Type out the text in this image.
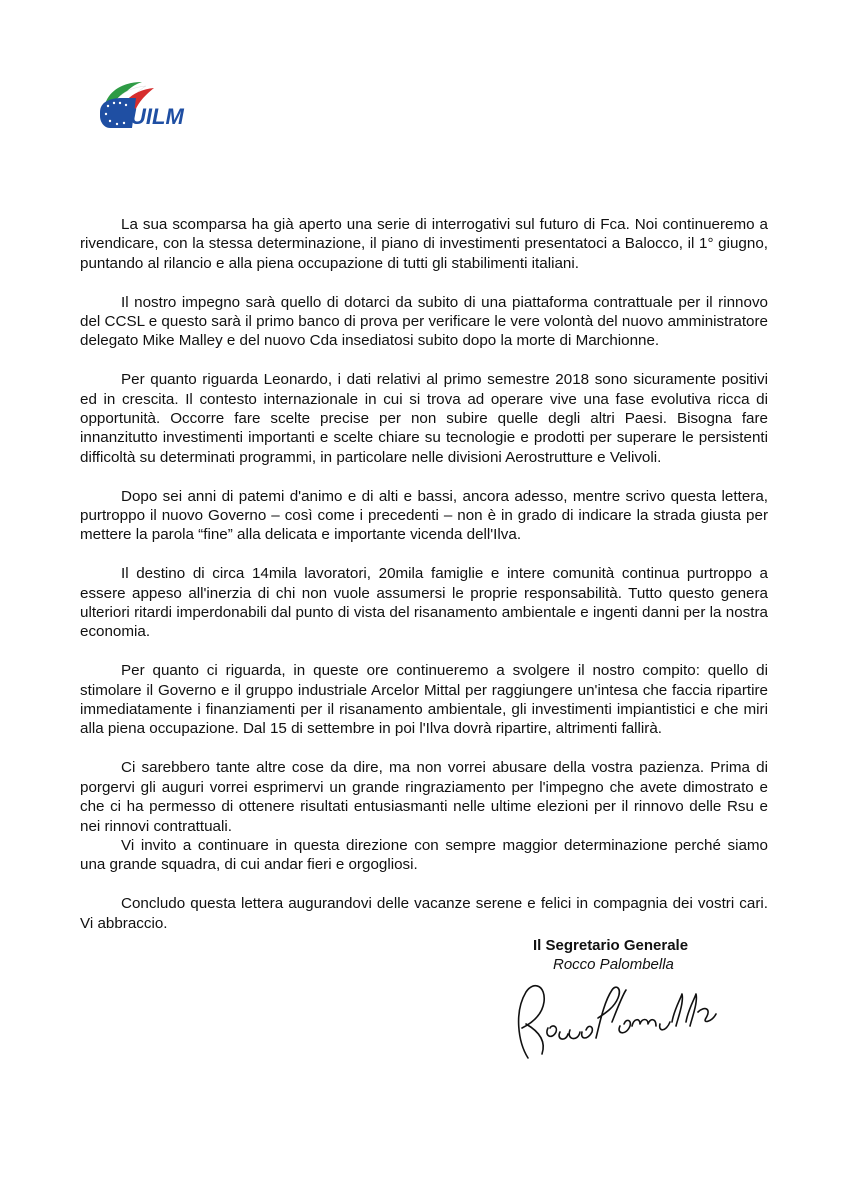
UILM

La sua scomparsa ha già aperto una serie di interrogativi sul futuro di Fca. Noi continueremo a rivendicare, con la stessa determinazione, il piano di investimenti presentatoci a Balocco, il 1° giugno, puntando al rilancio e alla piena occupazione di tutti gli stabilimenti italiani.

Il nostro impegno sarà quello di dotarci da subito di una piattaforma contrattuale per il rinnovo del CCSL e questo sarà il primo banco di prova per verificare le vere volontà del nuovo amministratore delegato Mike Malley e del nuovo Cda insediatosi subito dopo la morte di Marchionne.

Per quanto riguarda Leonardo, i dati relativi al primo semestre 2018 sono sicuramente positivi ed in crescita. Il contesto internazionale in cui si trova ad operare vive una fase evolutiva ricca di opportunità. Occorre fare scelte precise per non subire quelle degli altri Paesi. Bisogna fare innanzitutto investimenti importanti e scelte chiare su tecnologie e prodotti per superare le persistenti difficoltà su determinati programmi, in particolare nelle divisioni Aerostrutture e Velivoli.

Dopo sei anni di patemi d'animo e di alti e bassi, ancora adesso, mentre scrivo questa lettera, purtroppo il nuovo Governo – così come i precedenti – non è in grado di indicare la strada giusta per mettere la parola “fine” alla delicata e importante vicenda dell'Ilva.

Il destino di circa 14mila lavoratori, 20mila famiglie e intere comunità continua purtroppo a essere appeso all'inerzia di chi non vuole assumersi le proprie responsabilità. Tutto questo genera ulteriori ritardi imperdonabili dal punto di vista del risanamento ambientale e ingenti danni per la nostra economia.

Per quanto ci riguarda, in queste ore continueremo a svolgere il nostro compito: quello di stimolare il Governo e il gruppo industriale Arcelor Mittal per raggiungere un'intesa che faccia ripartire immediatamente i finanziamenti per il risanamento ambientale, gli investimenti impiantistici e che miri alla piena occupazione. Dal 15 di settembre in poi l'Ilva dovrà ripartire, altrimenti fallirà.

Ci sarebbero tante altre cose da dire, ma non vorrei abusare della vostra pazienza. Prima di porgervi gli auguri vorrei esprimervi un grande ringraziamento per l'impegno che avete dimostrato e che ci ha permesso di ottenere risultati entusiasmanti nelle ultime elezioni per il rinnovo delle Rsu e nei rinnovi contrattuali.

Vi invito a continuare in questa direzione con sempre maggior determinazione perché siamo una grande squadra, di cui andar fieri e orgogliosi.

Concludo questa lettera augurandovi delle vacanze serene e felici in compagnia dei vostri cari. Vi abbraccio.

Il Segretario Generale

Rocco Palombella
